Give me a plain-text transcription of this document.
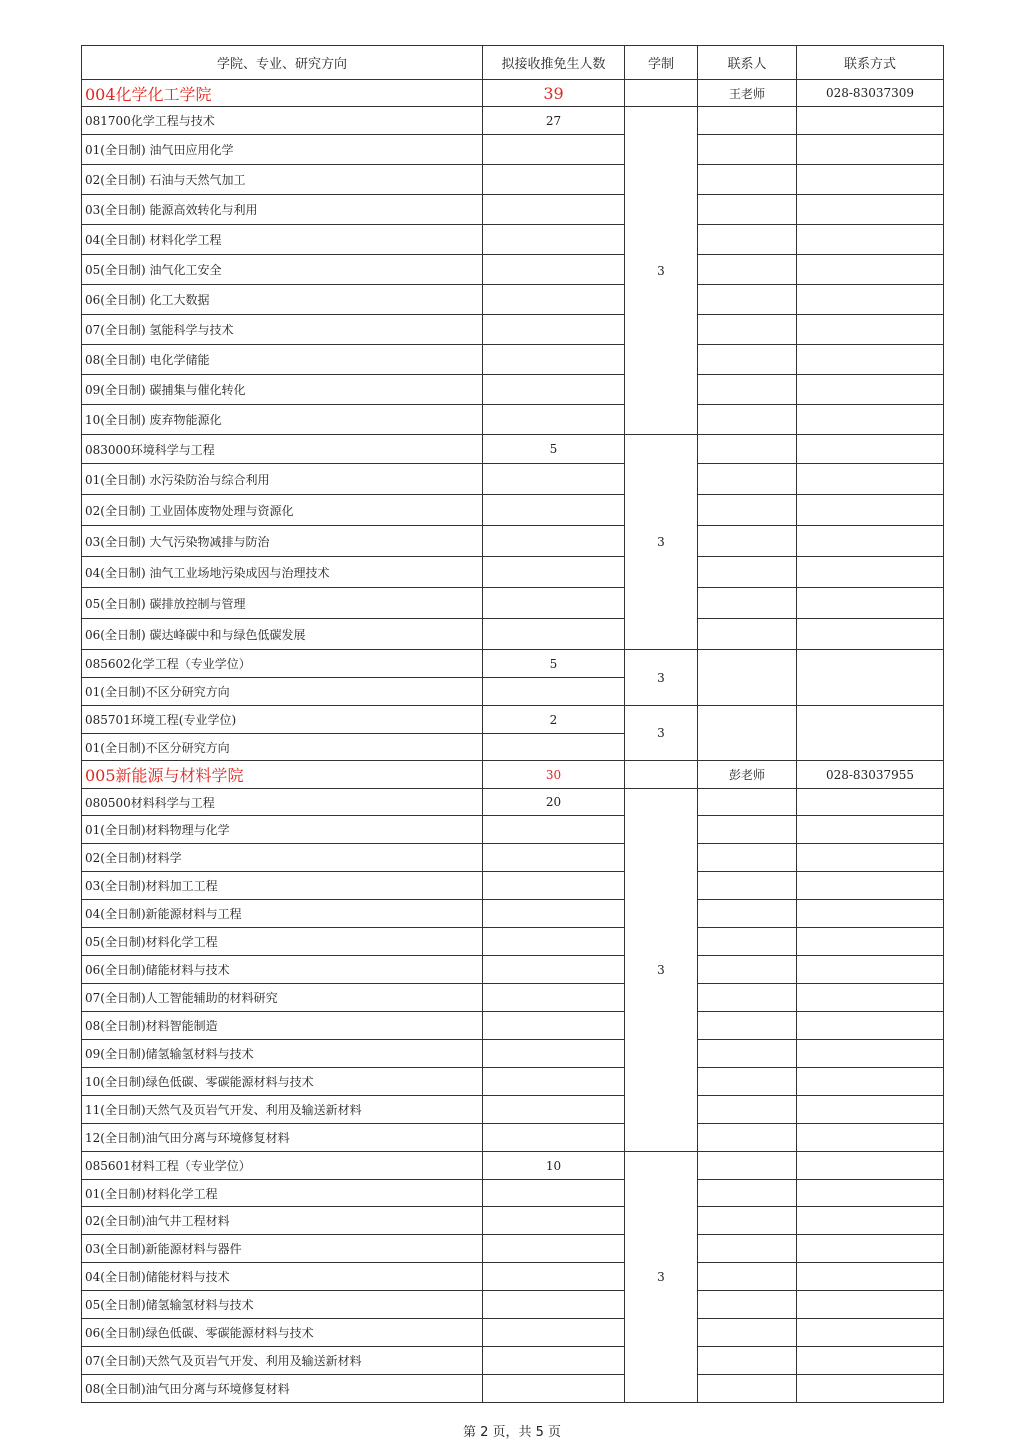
学院、专业、研究方向	拟接收推免生人数	学制	联系人	联系方式
004化学化工学院	39		王老师	028-83037309
081700化学工程与技术	27	3		
01(全日制) 油气田应用化学				
02(全日制) 石油与天然气加工				
03(全日制) 能源高效转化与利用				
04(全日制) 材料化学工程				
05(全日制) 油气化工安全				
06(全日制) 化工大数据				
07(全日制) 氢能科学与技术				
08(全日制) 电化学储能				
09(全日制) 碳捕集与催化转化				
10(全日制) 废弃物能源化				
083000环境科学与工程	5	3		
01(全日制) 水污染防治与综合利用				
02(全日制) 工业固体废物处理与资源化				
03(全日制) 大气污染物减排与防治				
04(全日制) 油气工业场地污染成因与治理技术				
05(全日制) 碳排放控制与管理				
06(全日制) 碳达峰碳中和与绿色低碳发展				
085602化学工程（专业学位）	5	3		
01(全日制)不区分研究方向				
085701环境工程(专业学位)	2	3		
01(全日制)不区分研究方向				
005新能源与材料学院	30		彭老师	028-83037955
080500材料科学与工程	20	3		
01(全日制)材料物理与化学				
02(全日制)材料学				
03(全日制)材料加工工程				
04(全日制)新能源材料与工程				
05(全日制)材料化学工程				
06(全日制)储能材料与技术				
07(全日制)人工智能辅助的材料研究				
08(全日制)材料智能制造				
09(全日制)储氢输氢材料与技术				
10(全日制)绿色低碳、零碳能源材料与技术				
11(全日制)天然气及页岩气开发、利用及输送新材料				
12(全日制)油气田分离与环境修复材料				
085601材料工程（专业学位）	10	3		
01(全日制)材料化学工程				
02(全日制)油气井工程材料				
03(全日制)新能源材料与器件				
04(全日制)储能材料与技术				
05(全日制)储氢输氢材料与技术				
06(全日制)绿色低碳、零碳能源材料与技术				
07(全日制)天然气及页岩气开发、利用及输送新材料				
08(全日制)油气田分离与环境修复材料				
第 2 页，共 5 页
